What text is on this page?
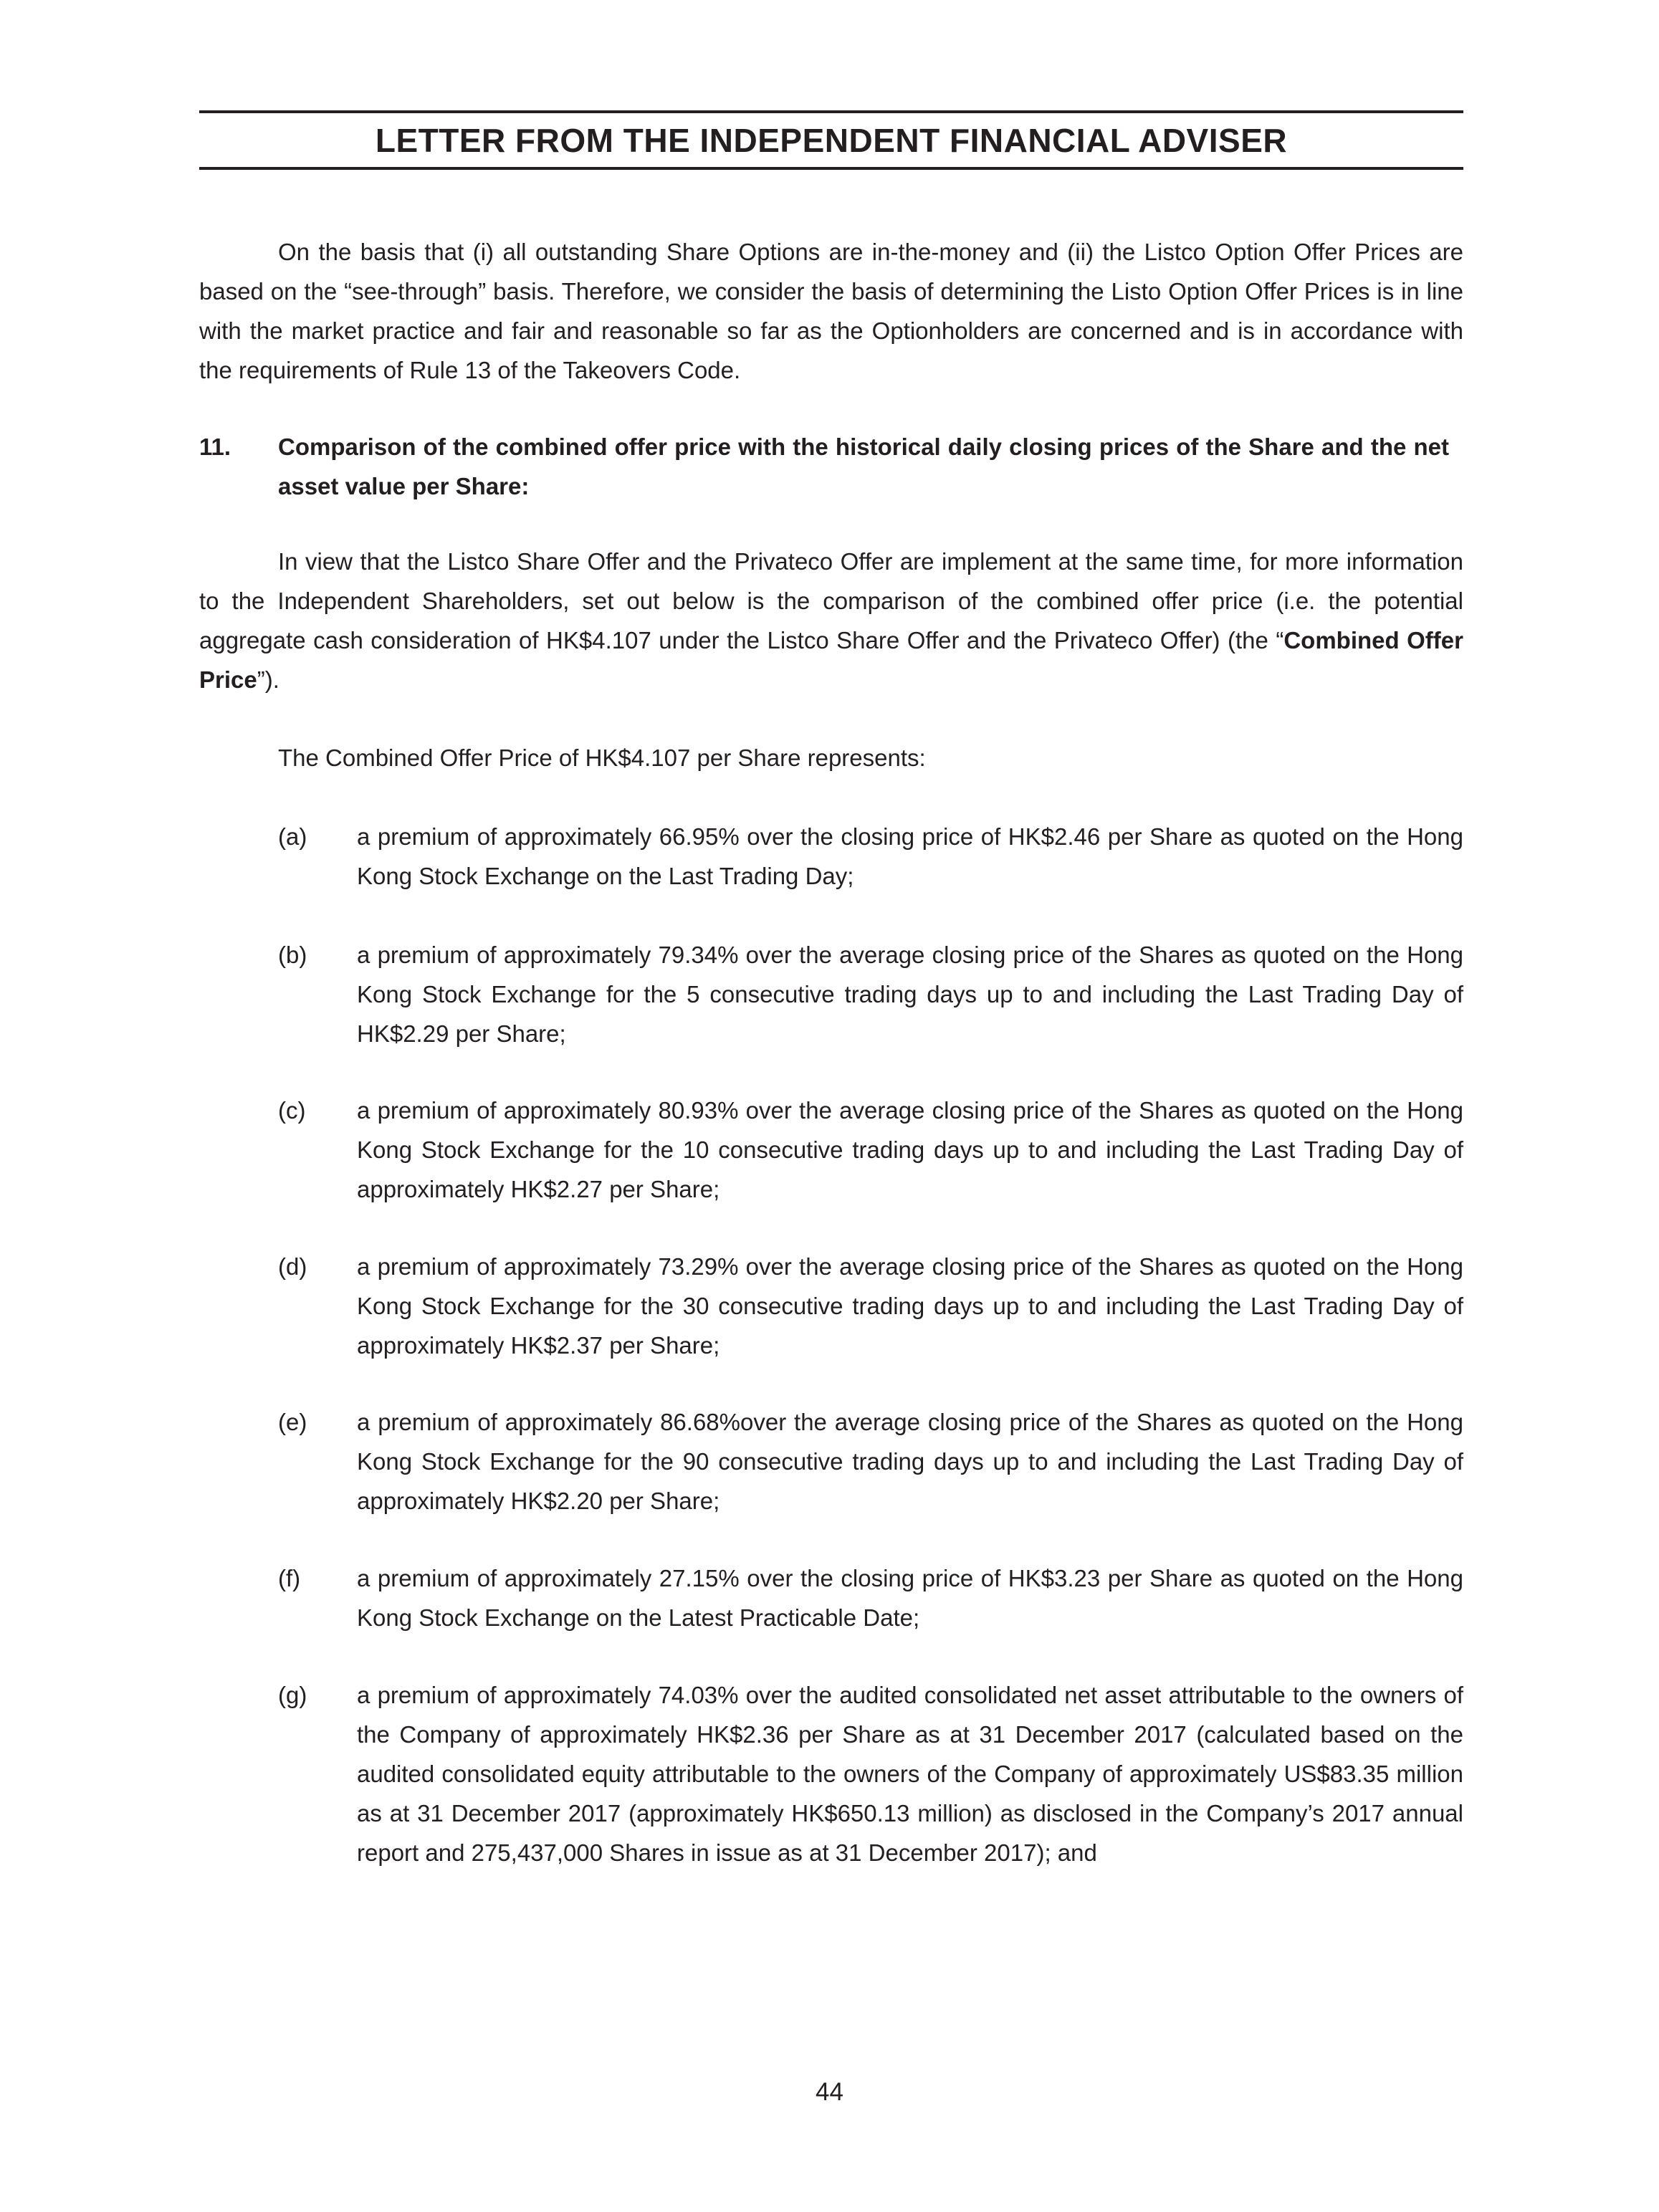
LETTER FROM THE INDEPENDENT FINANCIAL ADVISER

On the basis that (i) all outstanding Share Options are in-the-money and (ii) the Listco Option Offer Prices are based on the “see-through” basis. Therefore, we consider the basis of determining the Listo Option Offer Prices is in line with the market practice and fair and reasonable so far as the Optionholders are concerned and is in accordance with the requirements of Rule 13 of the Takeovers Code.

11. Comparison of the combined offer price with the historical daily closing prices of the Share and the net asset value per Share:

In view that the Listco Share Offer and the Privateco Offer are implement at the same time, for more information to the Independent Shareholders, set out below is the comparison of the combined offer price (i.e. the potential aggregate cash consideration of HK$4.107 under the Listco Share Offer and the Privateco Offer) (the “Combined Offer Price”).

The Combined Offer Price of HK$4.107 per Share represents:

(a) a premium of approximately 66.95% over the closing price of HK$2.46 per Share as quoted on the Hong Kong Stock Exchange on the Last Trading Day;

(b) a premium of approximately 79.34% over the average closing price of the Shares as quoted on the Hong Kong Stock Exchange for the 5 consecutive trading days up to and including the Last Trading Day of HK$2.29 per Share;

(c) a premium of approximately 80.93% over the average closing price of the Shares as quoted on the Hong Kong Stock Exchange for the 10 consecutive trading days up to and including the Last Trading Day of approximately HK$2.27 per Share;

(d) a premium of approximately 73.29% over the average closing price of the Shares as quoted on the Hong Kong Stock Exchange for the 30 consecutive trading days up to and including the Last Trading Day of approximately HK$2.37 per Share;

(e) a premium of approximately 86.68%over the average closing price of the Shares as quoted on the Hong Kong Stock Exchange for the 90 consecutive trading days up to and including the Last Trading Day of approximately HK$2.20 per Share;

(f) a premium of approximately 27.15% over the closing price of HK$3.23 per Share as quoted on the Hong Kong Stock Exchange on the Latest Practicable Date;

(g) a premium of approximately 74.03% over the audited consolidated net asset attributable to the owners of the Company of approximately HK$2.36 per Share as at 31 December 2017 (calculated based on the audited consolidated equity attributable to the owners of the Company of approximately US$83.35 million as at 31 December 2017 (approximately HK$650.13 million) as disclosed in the Company’s 2017 annual report and 275,437,000 Shares in issue as at 31 December 2017); and

44
